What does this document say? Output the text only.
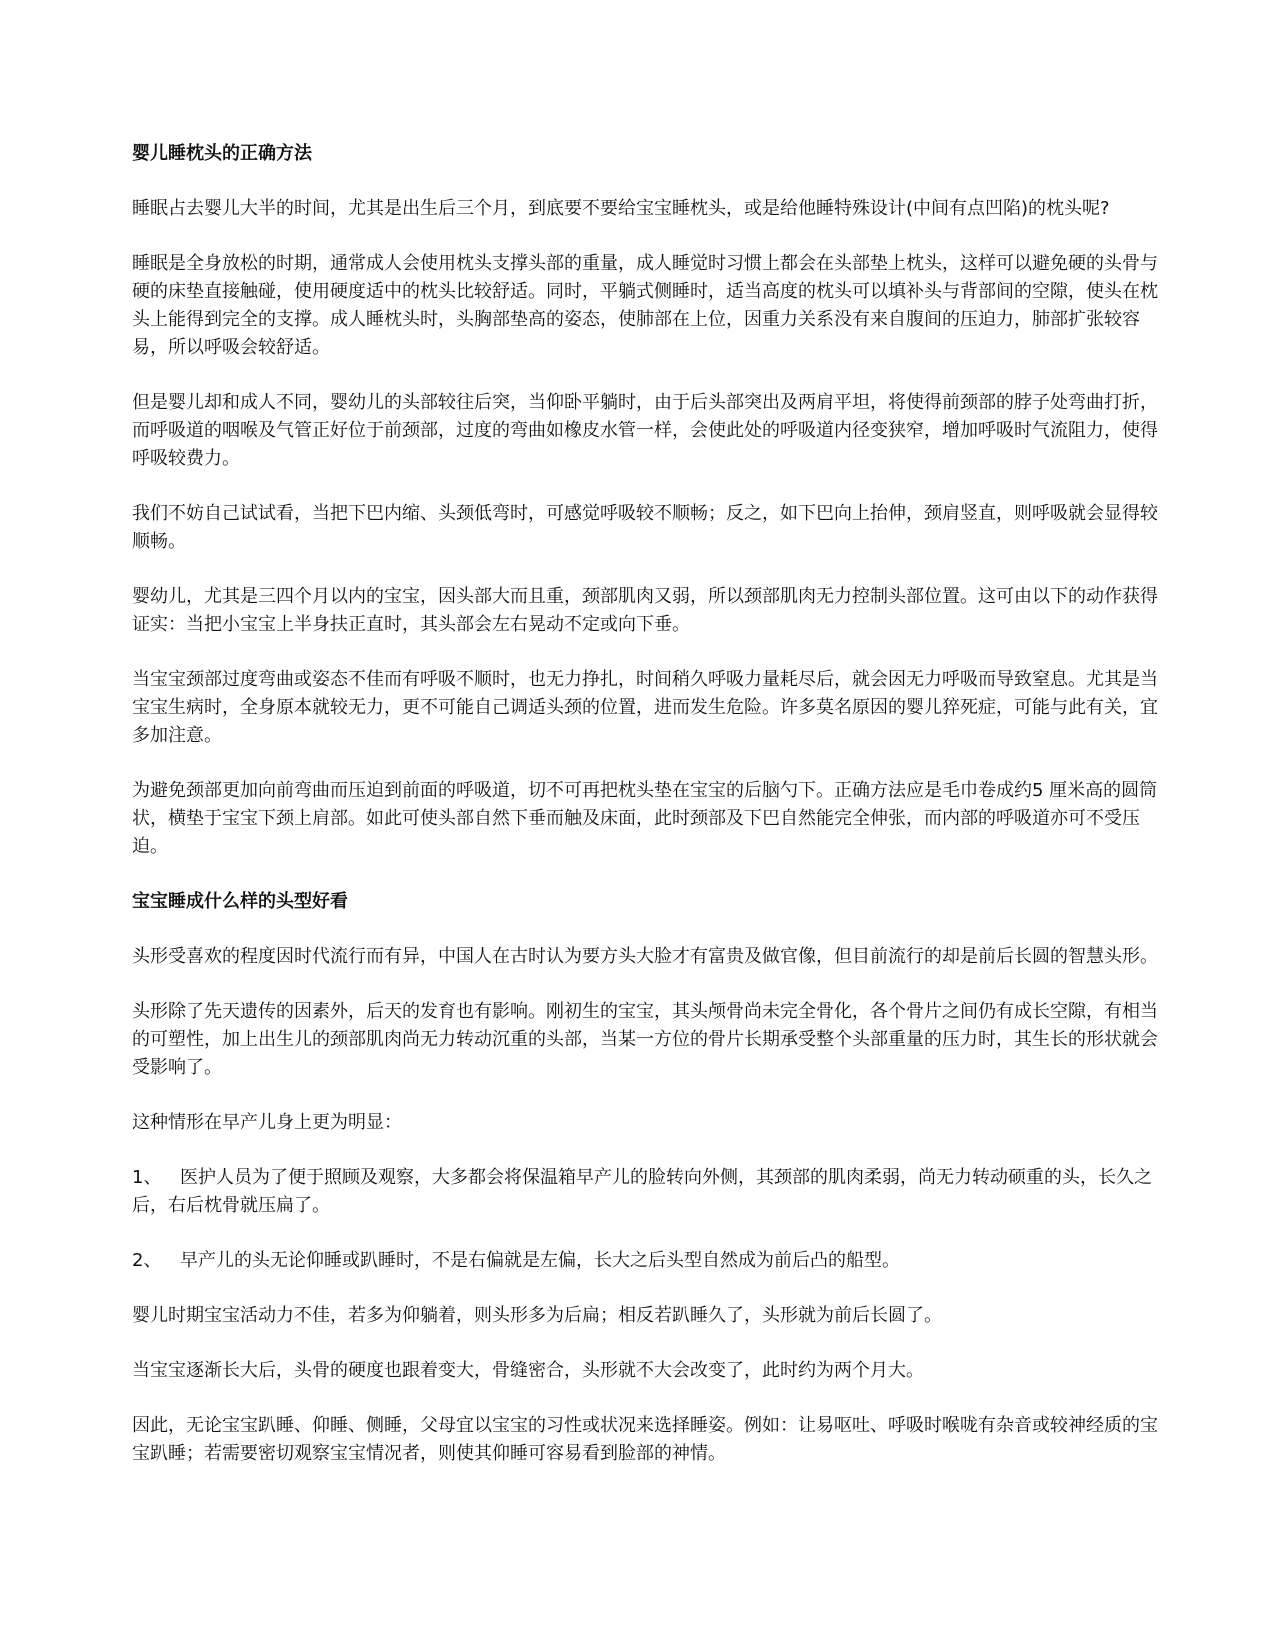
婴儿睡枕头的正确方法
睡眠占去婴儿大半的时间，尤其是出生后三个月，到底要不要给宝宝睡枕头，或是给他睡特殊设计(中间有点凹陷)的枕头呢?
睡眠是全身放松的时期，通常成人会使用枕头支撑头部的重量，成人睡觉时习惯上都会在头部垫上枕头，这样可以避免硬的头骨与硬的床垫直接触碰，使用硬度适中的枕头比较舒适。同时，平躺式侧睡时，适当高度的枕头可以填补头与背部间的空隙，使头在枕头上能得到完全的支撑。成人睡枕头时，头胸部垫高的姿态，使肺部在上位，因重力关系没有来自腹间的压迫力，肺部扩张较容易，所以呼吸会较舒适。
但是婴儿却和成人不同，婴幼儿的头部较往后突，当仰卧平躺时，由于后头部突出及两肩平坦，将使得前颈部的脖子处弯曲打折，而呼吸道的咽喉及气管正好位于前颈部，过度的弯曲如橡皮水管一样，会使此处的呼吸道内径变狭窄，增加呼吸时气流阻力，使得呼吸较费力。
我们不妨自己试试看，当把下巴内缩、头颈低弯时，可感觉呼吸较不顺畅；反之，如下巴向上抬伸，颈肩竖直，则呼吸就会显得较顺畅。
婴幼儿，尤其是三四个月以内的宝宝，因头部大而且重，颈部肌肉又弱，所以颈部肌肉无力控制头部位置。这可由以下的动作获得证实：当把小宝宝上半身扶正直时，其头部会左右晃动不定或向下垂。
当宝宝颈部过度弯曲或姿态不佳而有呼吸不顺时，也无力挣扎，时间稍久呼吸力量耗尽后，就会因无力呼吸而导致窒息。尤其是当宝宝生病时，全身原本就较无力，更不可能自己调适头颈的位置，进而发生危险。许多莫名原因的婴儿猝死症，可能与此有关，宜多加注意。
为避免颈部更加向前弯曲而压迫到前面的呼吸道，切不可再把枕头垫在宝宝的后脑勺下。正确方法应是毛巾卷成约5 厘米高的圆筒状，横垫于宝宝下颈上肩部。如此可使头部自然下垂而触及床面，此时颈部及下巴自然能完全伸张，而内部的呼吸道亦可不受压迫。
宝宝睡成什么样的头型好看
头形受喜欢的程度因时代流行而有异，中国人在古时认为要方头大脸才有富贵及做官像，但目前流行的却是前后长圆的智慧头形。
头形除了先天遗传的因素外，后天的发育也有影响。刚初生的宝宝，其头颅骨尚未完全骨化，各个骨片之间仍有成长空隙，有相当的可塑性，加上出生儿的颈部肌肉尚无力转动沉重的头部，当某一方位的骨片长期承受整个头部重量的压力时，其生长的形状就会受影响了。
这种情形在早产儿身上更为明显：
1、 医护人员为了便于照顾及观察，大多都会将保温箱早产儿的脸转向外侧，其颈部的肌肉柔弱，尚无力转动硕重的头，长久之后，右后枕骨就压扁了。
2、 早产儿的头无论仰睡或趴睡时，不是右偏就是左偏，长大之后头型自然成为前后凸的船型。
婴儿时期宝宝活动力不佳，若多为仰躺着，则头形多为后扁；相反若趴睡久了，头形就为前后长圆了。
当宝宝逐渐长大后，头骨的硬度也跟着变大，骨缝密合，头形就不大会改变了，此时约为两个月大。
因此，无论宝宝趴睡、仰睡、侧睡，父母宜以宝宝的习性或状况来选择睡姿。例如：让易呕吐、呼吸时喉咙有杂音或较神经质的宝宝趴睡；若需要密切观察宝宝情况者，则使其仰睡可容易看到脸部的神情。
